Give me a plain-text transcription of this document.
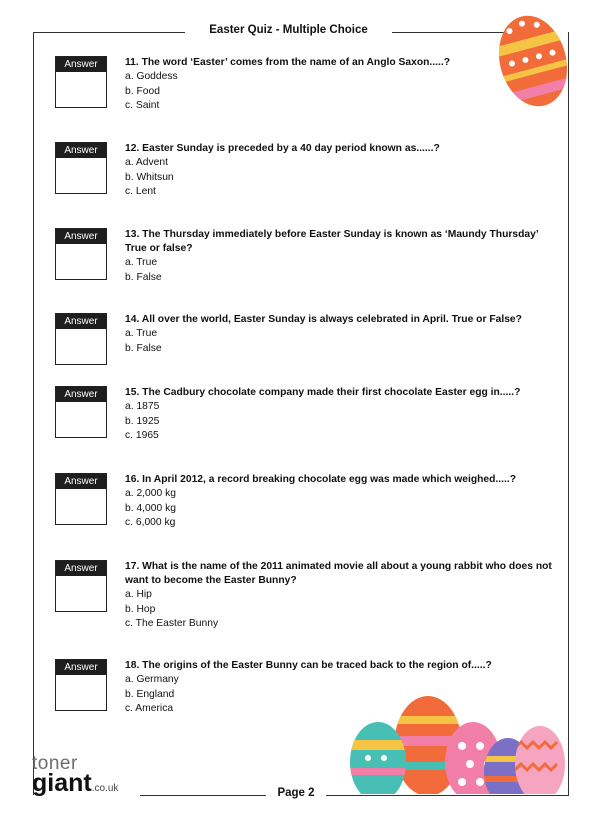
Easter Quiz - Multiple Choice
Answer	11. The word ‘Easter’ comes from the name of an Anglo Saxon.....?
a. Goddess
b. Food
c. Saint
Answer	12. Easter Sunday is preceded by a 40 day period known as......?
a. Advent
b. Whitsun
c. Lent
Answer	13. The Thursday immediately before Easter Sunday is known as ‘Maundy Thursday’ True or false?
a. True
b. False
Answer	14. All over the world, Easter Sunday is always celebrated in April. True or False?
a. True
b. False
Answer	15. The Cadbury chocolate company made their first chocolate Easter egg in.....?
a. 1875
b. 1925
c. 1965
Answer	16. In April 2012, a record breaking chocolate egg was made which weighed.....?
a. 2,000 kg
b. 4,000 kg
c. 6,000 kg
Answer	17. What is the name of the 2011 animated movie all about a young rabbit who does not want to become the Easter Bunny?
a. Hip
b. Hop
c. The Easter Bunny
Answer	18. The origins of the Easter Bunny can be traced back to the region of.....?
a. Germany
b. England
c. America
toner
giant.co.uk	Page 2
